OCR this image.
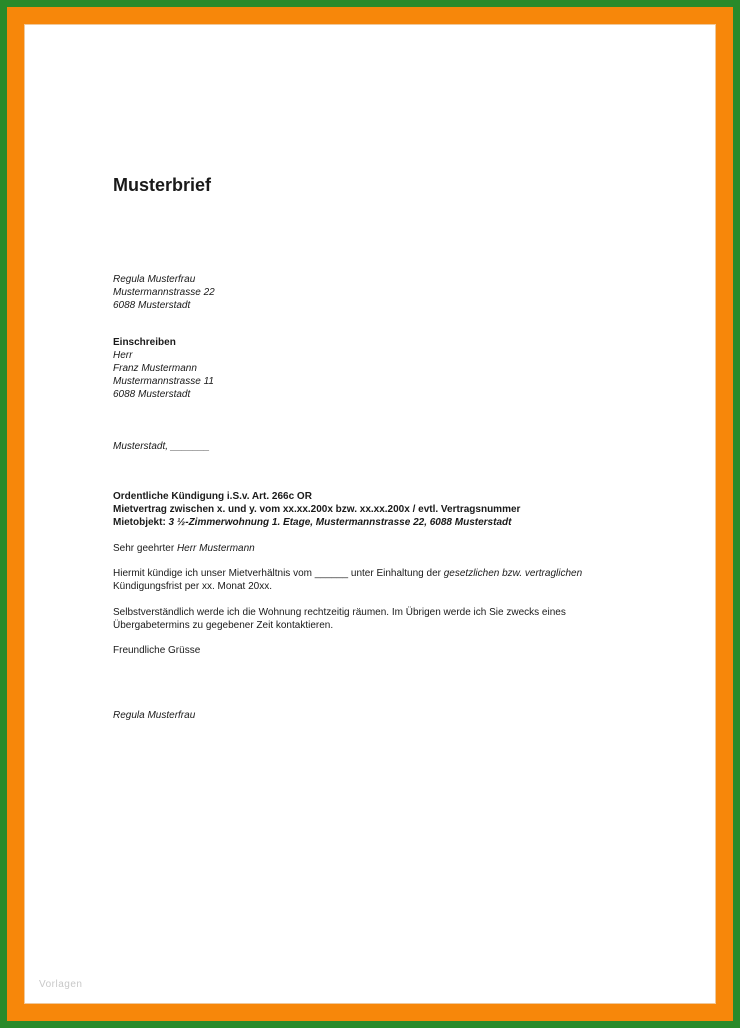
Musterbrief
Regula Musterfrau
Mustermannstrasse 22
6088 Musterstadt
Einschreiben
Herr
Franz Mustermann
Mustermannstrasse 11
6088 Musterstadt
Musterstadt, _______
Ordentliche Kündigung i.S.v. Art. 266c OR
Mietvertrag zwischen x. und y. vom xx.xx.200x bzw. xx.xx.200x / evtl. Vertragsnummer
Mietobjekt: 3 ½-Zimmerwohnung 1. Etage, Mustermannstrasse 22, 6088 Musterstadt
Sehr geehrter Herr Mustermann

Hiermit kündige ich unser Mietverhältnis vom ______ unter Einhaltung der gesetzlichen bzw. vertraglichen Kündigungsfrist per xx. Monat 20xx.

Selbstverständlich werde ich die Wohnung rechtzeitig räumen. Im Übrigen werde ich Sie zwecks eines Übergabetermins zu gegebener Zeit kontaktieren.

Freundliche Grüsse
Regula Musterfrau
Vorlagen
